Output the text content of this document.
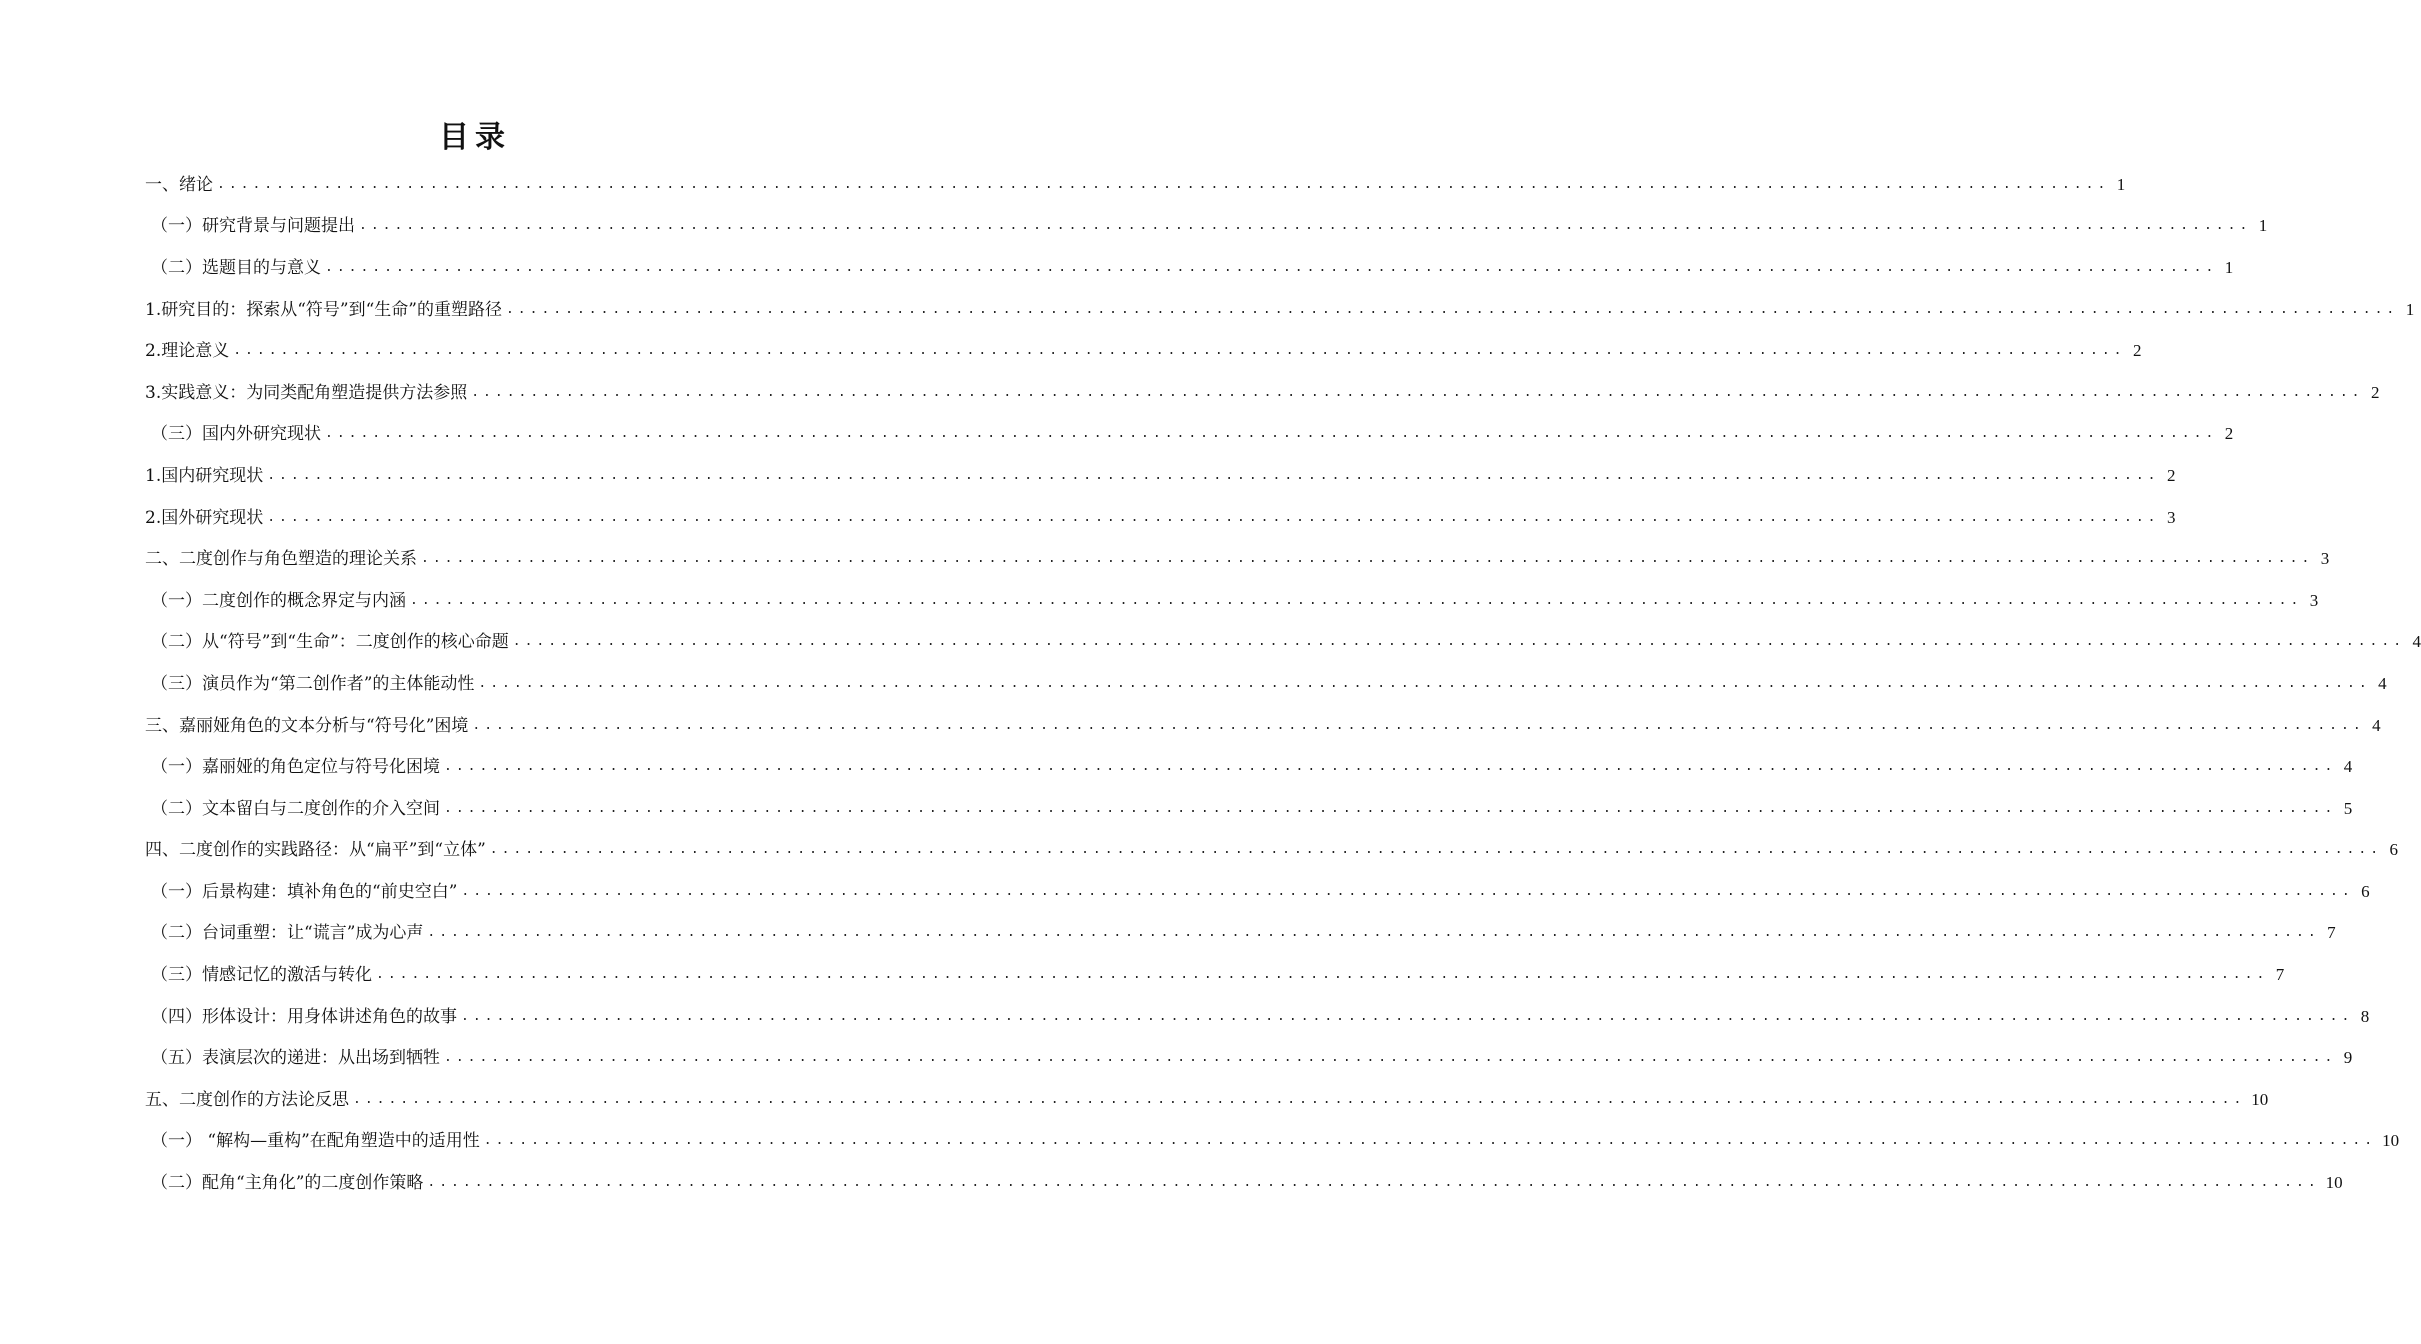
目录
一、绪论 ................................................................................................................................................................ 1
（一）研究背景与问题提出 ................................................................................................................................................................ 1
（二）选题目的与意义 ................................................................................................................................................................ 1
1.研究目的：探索从“符号”到“生命”的重塑路径 ................................................................................................................................................................ 1
2.理论意义 ................................................................................................................................................................ 2
3.实践意义：为同类配角塑造提供方法参照 ................................................................................................................................................................ 2
（三）国内外研究现状 ................................................................................................................................................................ 2
1.国内研究现状 ................................................................................................................................................................ 2
2.国外研究现状 ................................................................................................................................................................ 3
二、二度创作与角色塑造的理论关系 ................................................................................................................................................................ 3
（一）二度创作的概念界定与内涵 ................................................................................................................................................................ 3
（二）从“符号”到“生命”：二度创作的核心命题 ................................................................................................................................................................ 4
（三）演员作为“第二创作者”的主体能动性 ................................................................................................................................................................ 4
三、嘉丽娅角色的文本分析与“符号化”困境 ................................................................................................................................................................ 4
（一）嘉丽娅的角色定位与符号化困境 ................................................................................................................................................................ 4
（二）文本留白与二度创作的介入空间 ................................................................................................................................................................ 5
四、二度创作的实践路径：从“扁平”到“立体” ................................................................................................................................................................ 6
（一）后景构建：填补角色的“前史空白” ................................................................................................................................................................ 6
（二）台词重塑：让“谎言”成为心声 ................................................................................................................................................................ 7
（三）情感记忆的激活与转化 ................................................................................................................................................................ 7
（四）形体设计：用身体讲述角色的故事 ................................................................................................................................................................ 8
（五）表演层次的递进：从出场到牺牲 ................................................................................................................................................................ 9
五、二度创作的方法论反思 ................................................................................................................................................................ 10
（一） “解构—重构”在配角塑造中的适用性 ................................................................................................................................................................ 10
（二）配角“主角化”的二度创作策略 ................................................................................................................................................................ 10
